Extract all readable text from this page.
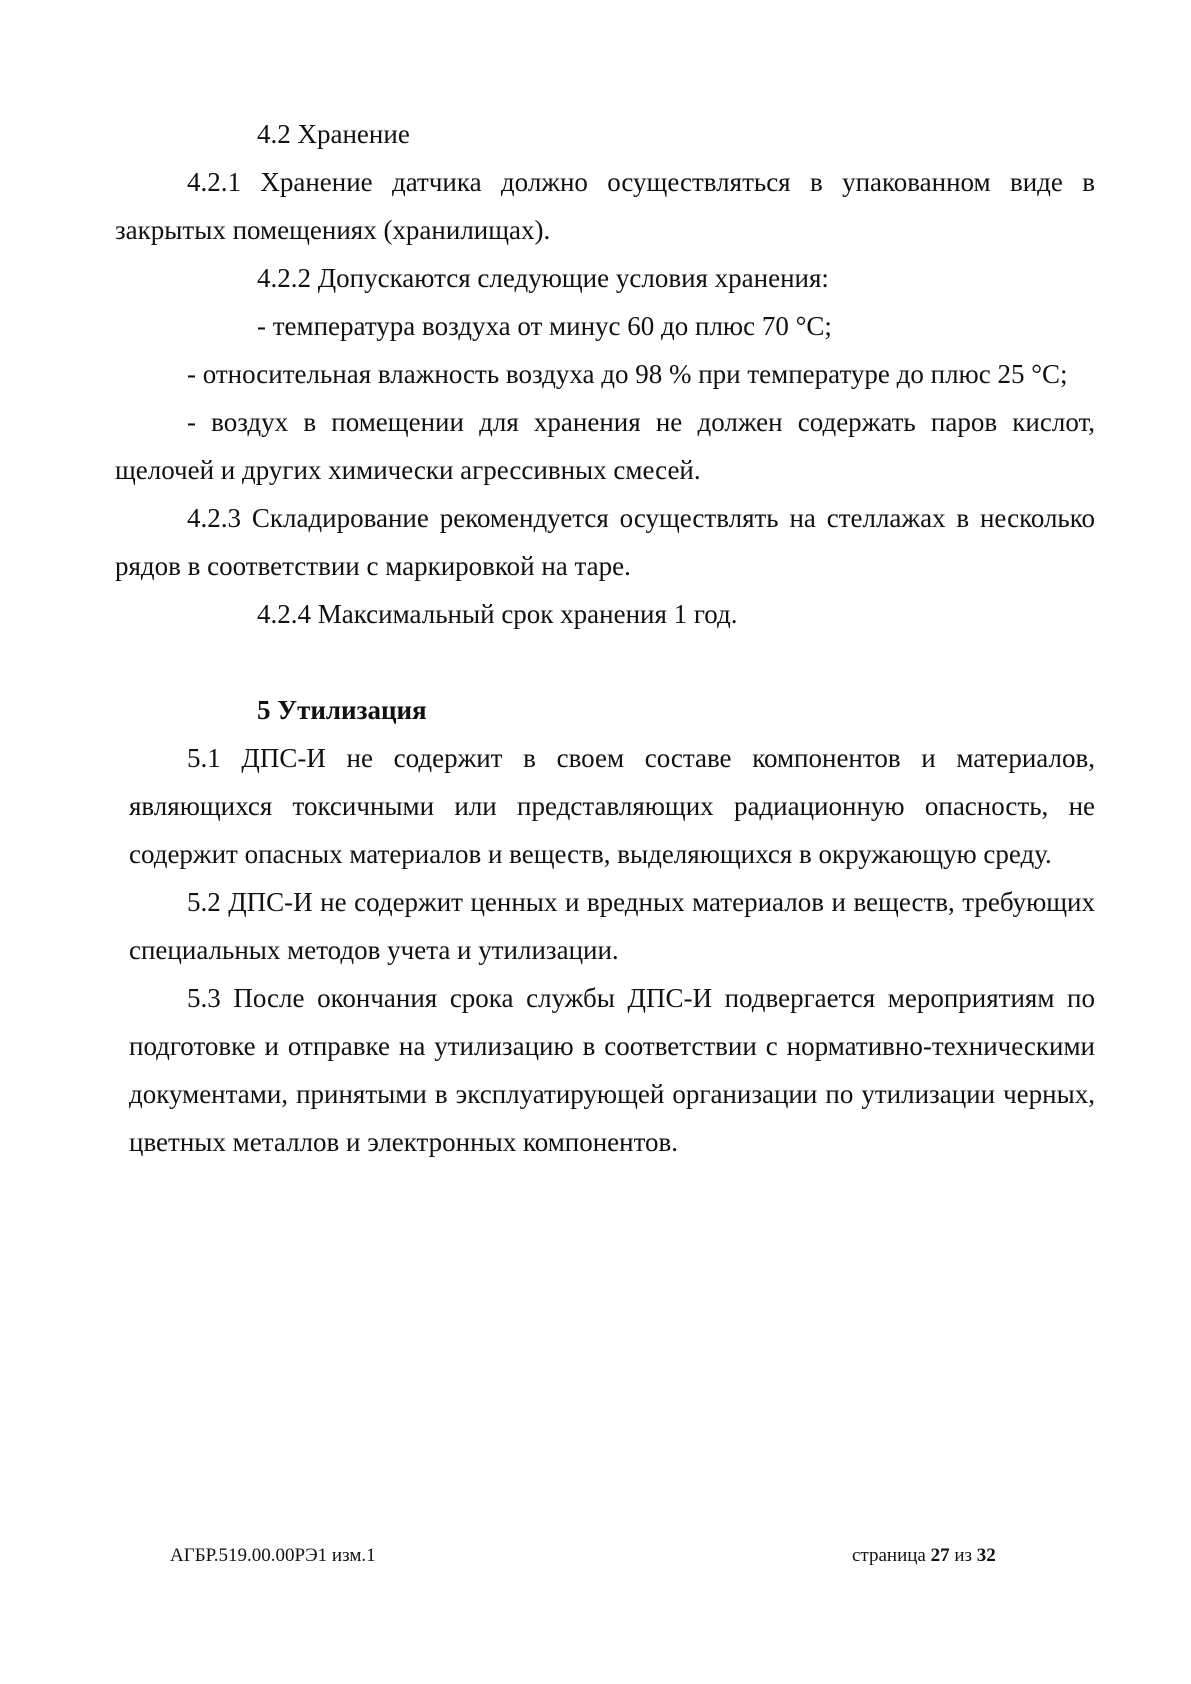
4.2 Хранение

4.2.1 Хранение датчика должно осуществляться в упакованном виде в закрытых помещениях (хранилищах).

4.2.2 Допускаются следующие условия хранения:

- температура воздуха от минус 60 до плюс 70 °С;

- относительная влажность воздуха до 98 % при температуре до плюс 25 °С;

- воздух в помещении для хранения не должен содержать паров кислот, щелочей и других химически агрессивных смесей.

4.2.3 Складирование рекомендуется осуществлять на стеллажах в несколько рядов в соответствии с маркировкой на таре.

4.2.4 Максимальный срок хранения 1 год.

5 Утилизация

5.1 ДПС-И не содержит в своем составе компонентов и материалов, являющихся токсичными или представляющих радиационную опасность, не содержит опасных материалов и веществ, выделяющихся в окружающую среду.

5.2 ДПС-И не содержит ценных и вредных материалов и веществ, требующих специальных методов учета и утилизации.

5.3 После окончания срока службы ДПС-И подвергается мероприятиям по подготовке и отправке на утилизацию в соответствии с нормативно-техническими документами, принятыми в эксплуатирующей организации по утилизации черных, цветных металлов и электронных компонентов.

АГБР.519.00.00РЭ1 изм.1	страница 27 из 32
